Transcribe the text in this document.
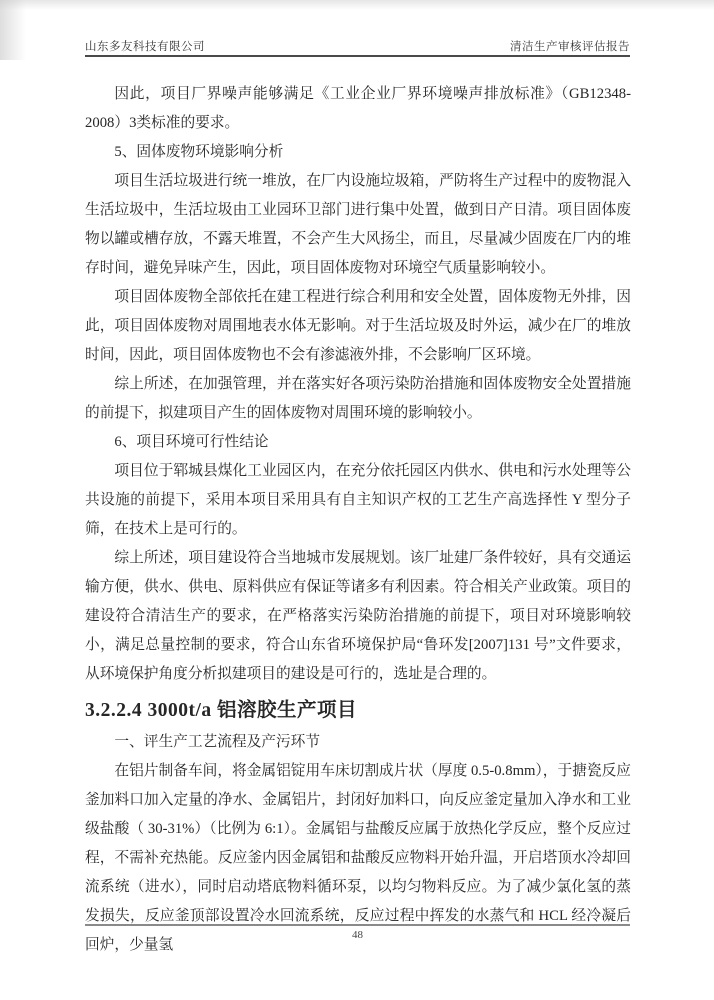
山东多友科技有限公司	清洁生产审核评估报告

因此，项目厂界噪声能够满足《工业企业厂界环境噪声排放标准》（GB12348-2008）3类标准的要求。

5、固体废物环境影响分析

项目生活垃圾进行统一堆放，在厂内设施垃圾箱，严防将生产过程中的废物混入生活垃圾中，生活垃圾由工业园环卫部门进行集中处置，做到日产日清。项目固体废物以罐或槽存放，不露天堆置，不会产生大风扬尘，而且，尽量减少固废在厂内的堆存时间，避免异味产生，因此，项目固体废物对环境空气质量影响较小。

项目固体废物全部依托在建工程进行综合利用和安全处置，固体废物无外排，因此，项目固体废物对周围地表水体无影响。对于生活垃圾及时外运，减少在厂的堆放时间，因此，项目固体废物也不会有渗滤液外排，不会影响厂区环境。

综上所述，在加强管理，并在落实好各项污染防治措施和固体废物安全处置措施的前提下，拟建项目产生的固体废物对周围环境的影响较小。

6、项目环境可行性结论

项目位于郓城县煤化工业园区内，在充分依托园区内供水、供电和污水处理等公共设施的前提下，采用本项目采用具有自主知识产权的工艺生产高选择性 Y 型分子筛，在技术上是可行的。

综上所述，项目建设符合当地城市发展规划。该厂址建厂条件较好，具有交通运输方便，供水、供电、原料供应有保证等诸多有利因素。符合相关产业政策。项目的建设符合清洁生产的要求，在严格落实污染防治措施的前提下，项目对环境影响较小，满足总量控制的要求，符合山东省环境保护局“鲁环发[2007]131 号”文件要求，从环境保护角度分析拟建项目的建设是可行的，选址是合理的。

3.2.2.4 3000t/a 铝溶胶生产项目

一、评生产工艺流程及产污环节

在铝片制备车间，将金属铝锭用车床切割成片状（厚度 0.5-0.8mm），于搪瓷反应釜加料口加入定量的净水、金属铝片，封闭好加料口，向反应釜定量加入净水和工业级盐酸（ 30-31%）（比例为 6:1）。金属铝与盐酸反应属于放热化学反应，整个反应过程，不需补充热能。反应釜内因金属铝和盐酸反应物料开始升温，开启塔顶水冷却回流系统（进水），同时启动塔底物料循环泵，以均匀物料反应。为了减少氯化氢的蒸发损失，反应釜顶部设置冷水回流系统，反应过程中挥发的水蒸气和 HCL 经冷凝后回炉，少量氢

48
